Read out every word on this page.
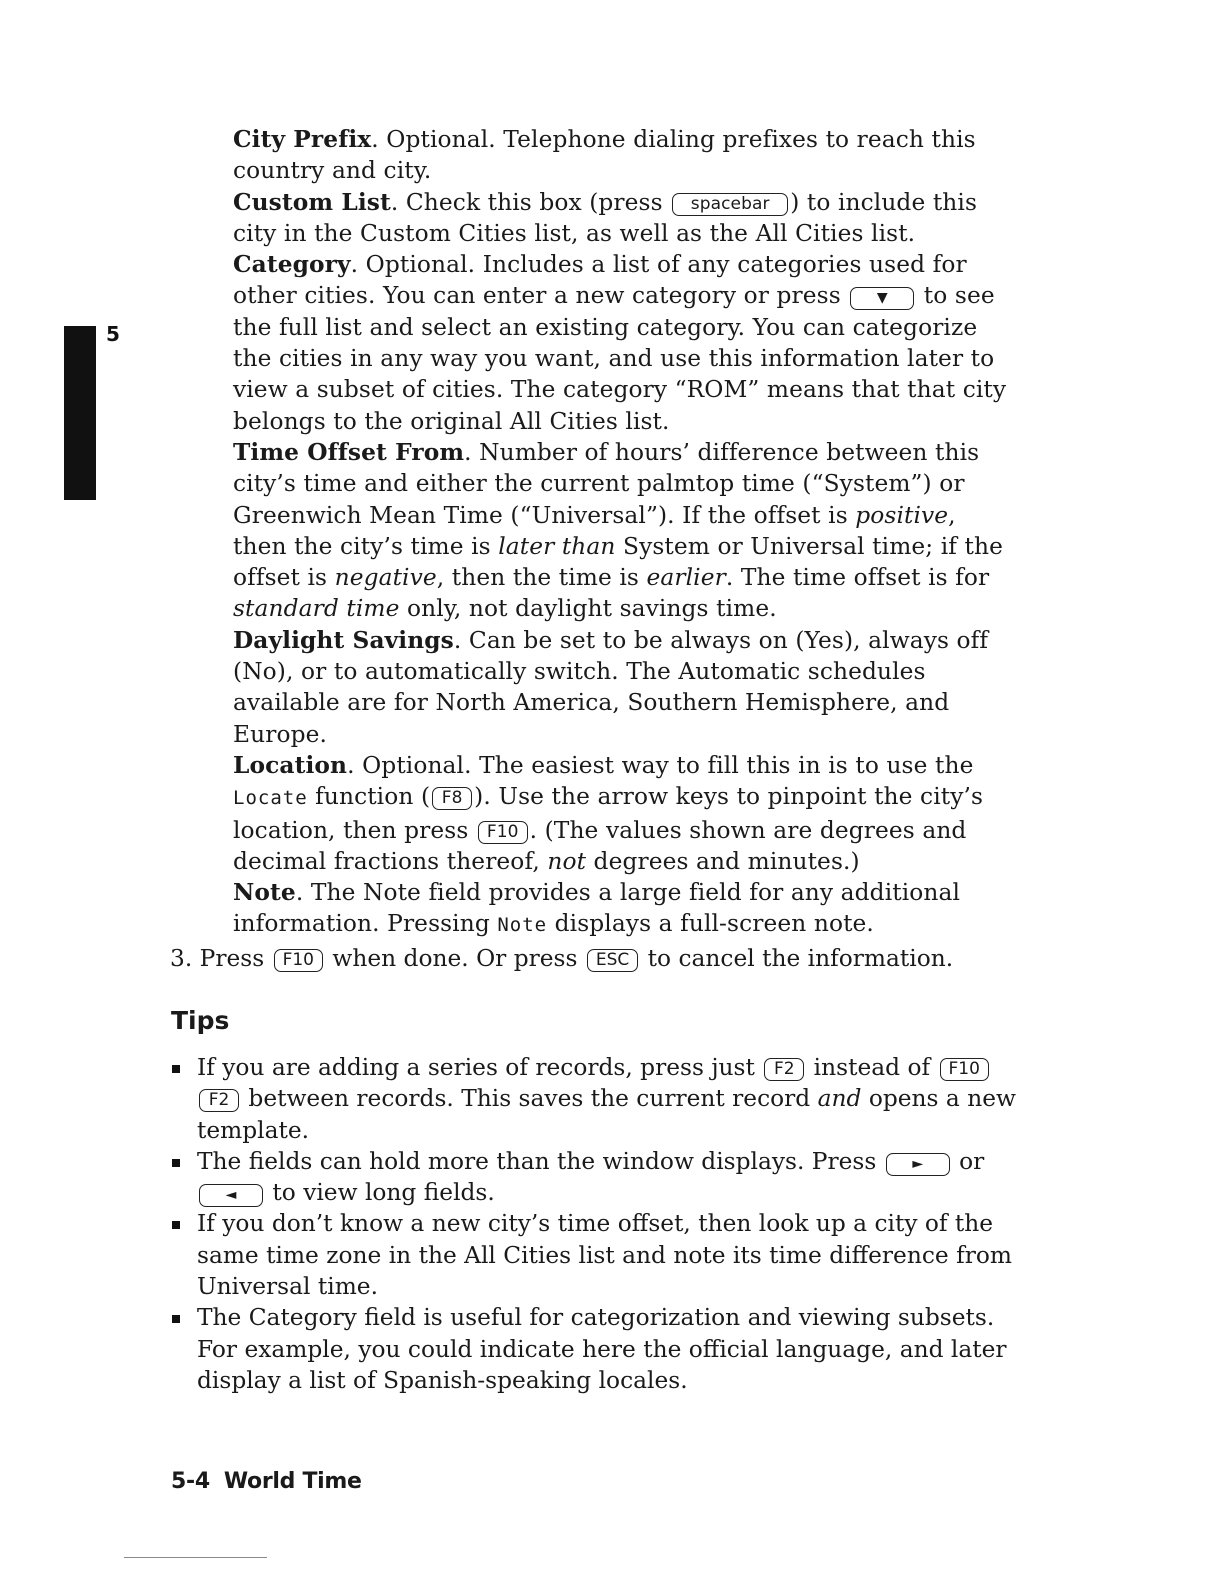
5

City Prefix. Optional. Telephone dialing prefixes to reach this country and city.

Custom List. Check this box (press spacebar ) to include this city in the Custom Cities list, as well as the All Cities list.

Category. Optional. Includes a list of any categories used for other cities. You can enter a new category or press ▼ to see the full list and select an existing category. You can categorize the cities in any way you want, and use this information later to view a subset of cities. The category “ROM” means that that city belongs to the original All Cities list.

Time Offset From. Number of hours’ difference between this city’s time and either the current palmtop time (“System”) or Greenwich Mean Time (“Universal”). If the offset is positive, then the city’s time is later than System or Universal time; if the offset is negative, then the time is earlier. The time offset is for standard time only, not daylight savings time.

Daylight Savings. Can be set to be always on (Yes), always off (No), or to automatically switch. The Automatic schedules available are for North America, Southern Hemisphere, and Europe.

Location. Optional. The easiest way to fill this in is to use the Locate function ( F8 ). Use the arrow keys to pinpoint the city’s location, then press F10 . (The values shown are degrees and decimal fractions thereof, not degrees and minutes.)

Note. The Note field provides a large field for any additional information. Pressing Note displays a full-screen note.

3. Press F10 when done. Or press ESC to cancel the information.

Tips

If you are adding a series of records, press just F2 instead of F10 F2 between records. This saves the current record and opens a new template.

The fields can hold more than the window displays. Press ► or ◄ to view long fields.

If you don’t know a new city’s time offset, then look up a city of the same time zone in the All Cities list and note its time difference from Universal time.

The Category field is useful for categorization and viewing subsets. For example, you could indicate here the official language, and later display a list of Spanish-speaking locales.

5-4 World Time
